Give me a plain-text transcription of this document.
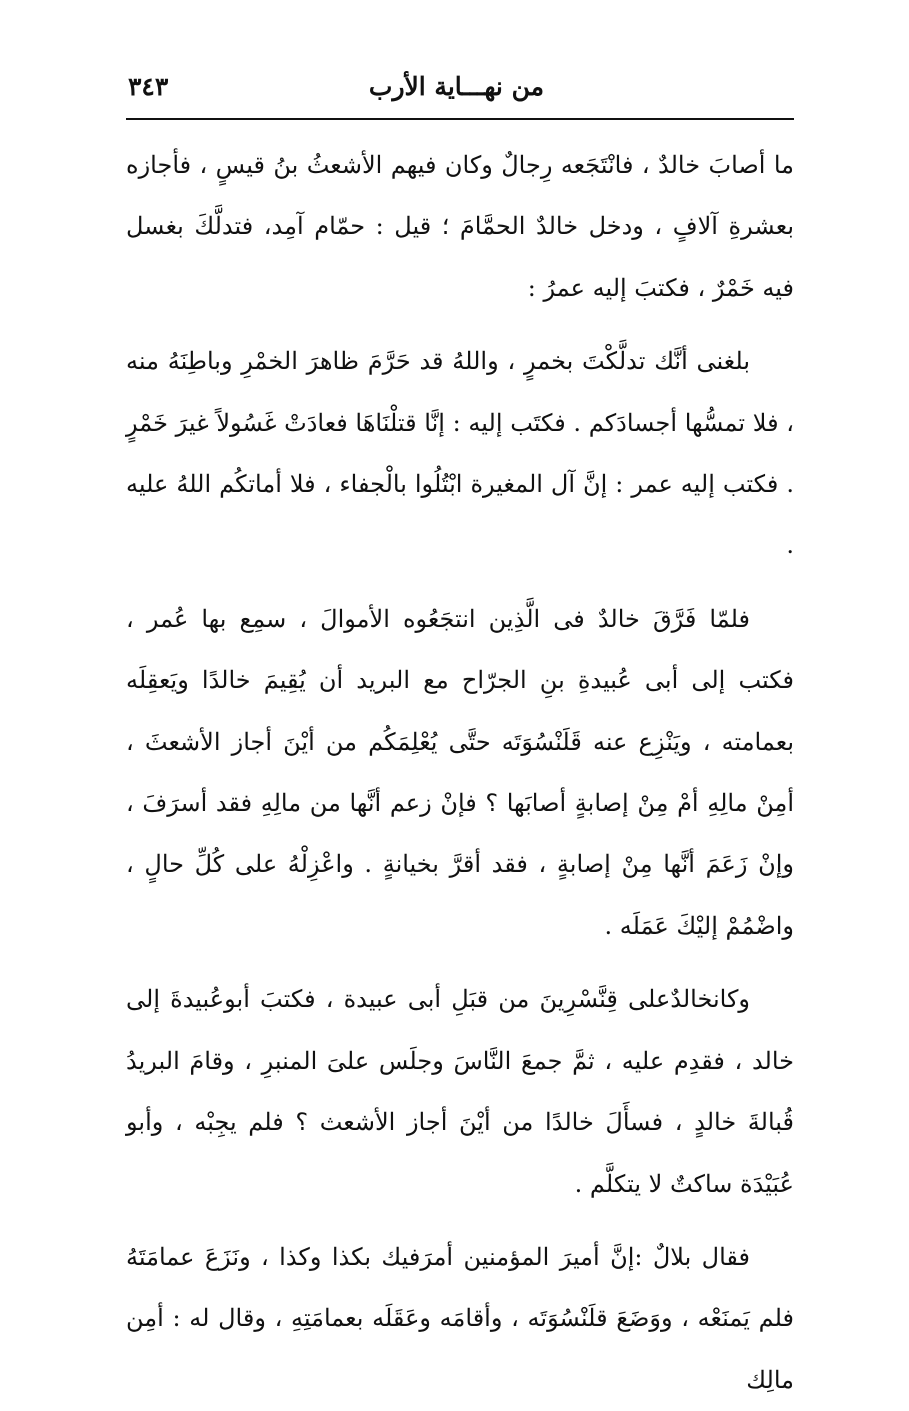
من نهـــاية الأرب
٣٤٣

ما أصابَ خالدٌ ، فانْتَجَعه رِجالٌ وكان فيهم الأشعثُ بنُ قيسٍ ، فأجازه بعشرةِ آلافٍ ، ودخل خالدٌ الحمَّامَ ؛ قيل : حمّام آمِد، فتدلَّكَ بغسل فيه خَمْرٌ ، فكتبَ إليه عمرُ :

بلغنى أنَّك تدلَّكْتَ بخمرٍ ، واللهُ قد حَرَّمَ ظاهرَ الخمْرِ وباطِنَهُ منه ، فلا تمسُّها أجسادَكم . فكتَب إليه : إنَّا قتلْنَاهَا فعادَتْ غَسُولاً غيرَ خَمْرٍ . فكتب إليه عمر : إنَّ آل المغيرة ابْتُلُوا بالْجفاء ، فلا أماتكُم اللهُ عليه .

فلمّا فَرَّقَ خالدٌ فى الَّذِين انتجَعُوه الأموالَ ، سمِع بها عُمر ، فكتب إلى أبى عُبيدةِ بنِ الجرّاح مع البريد أن يُقِيمَ خالدًا ويَعقِلَه بعمامته ، ويَنْزِع عنه قَلَنْسُوَتَه حتَّى يُعْلِمَكُم من أيْنَ أجاز الأشعثَ ، أمِنْ مالِهِ أمْ مِنْ إصابةٍ أصابَها ؟ فإنْ زعم أنَّها من مالِهِ فقد أسرَفَ ، وإنْ زَعَمَ أنَّها مِنْ إصابةٍ ، فقد أقرَّ بخيانةٍ . واعْزِلْهُ على كُلِّ حالٍ ، واضْمُمْ إليْكَ عَمَلَه .

وكانخالدٌعلى قِنَّسْرِينَ من قبَلِ أبى عبيدة ، فكتبَ أبوعُبيدةَ إلى خالد ، فقدِم عليه ، ثمَّ جمعَ النَّاسَ وجلَس علىَ المنبرِ ، وقامَ البريدُ قُبالةَ خالدٍ ، فسأَلَ خالدًا من أيْنَ أجاز الأشعث ؟ فلم يجِبْه ، وأبو عُبَيْدَة ساكتٌ لا يتكلَّم .

فقال بلالٌ :إنَّ أميرَ المؤمنين أمرَفيك بكذا وكذا ، ونَزَعَ عمامَتَهُ فلم يَمنَعْه ، ووَضَعَ قلَنْسُوَتَه ، وأقامَه وعَقَلَه بعمامَتِهِ ، وقال له : أمِن مالِك
